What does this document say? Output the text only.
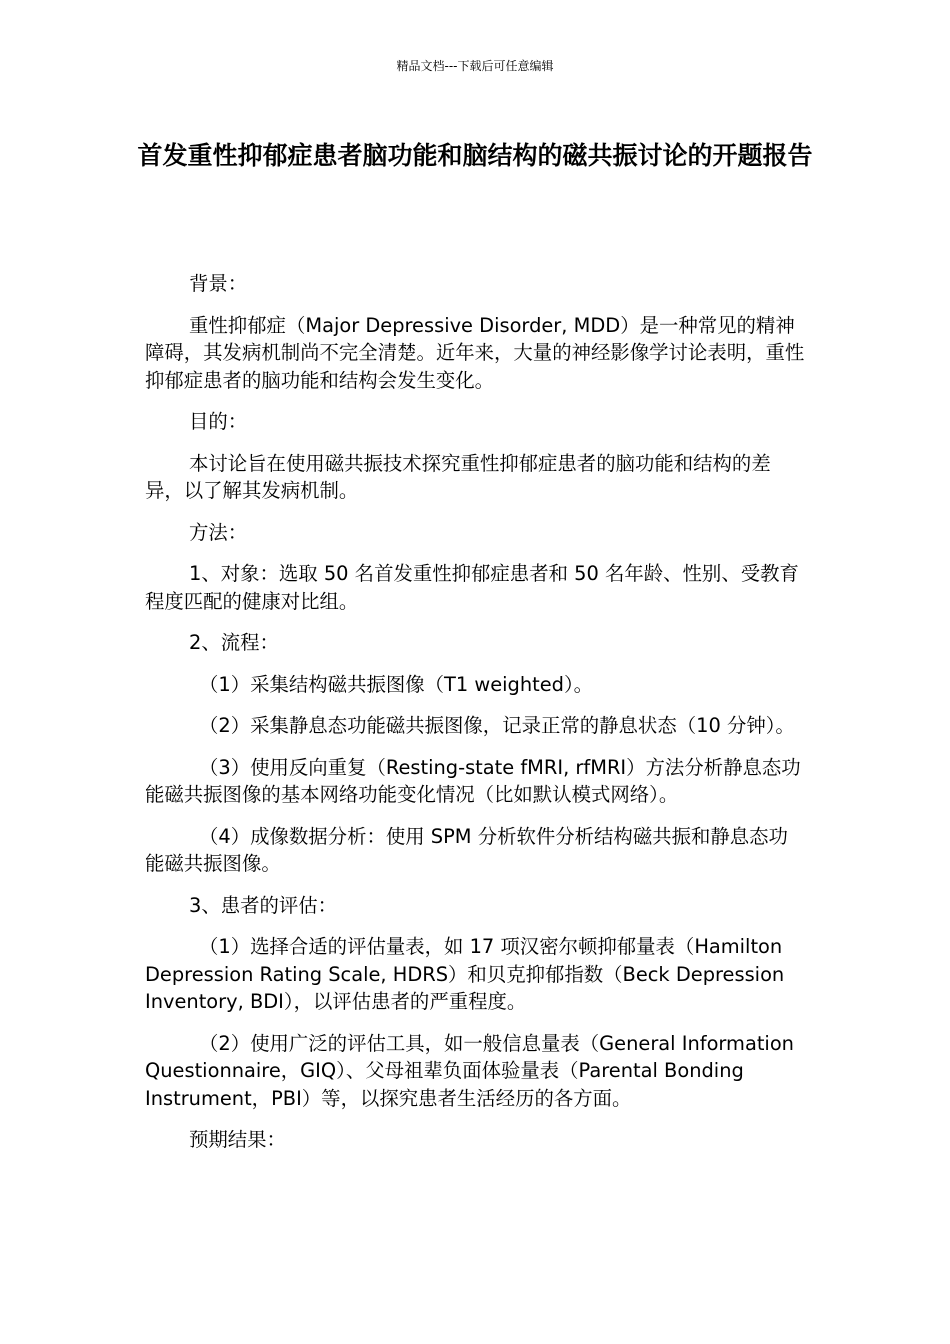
精品文档---下载后可任意编辑
首发重性抑郁症患者脑功能和脑结构的磁共振讨论的开题报告

背景：

重性抑郁症（Major Depressive Disorder, MDD）是一种常见的精神障碍，其发病机制尚不完全清楚。近年来，大量的神经影像学讨论表明，重性抑郁症患者的脑功能和结构会发生变化。

目的：

本讨论旨在使用磁共振技术探究重性抑郁症患者的脑功能和结构的差异，以了解其发病机制。

方法：

1、对象：选取 50 名首发重性抑郁症患者和 50 名年龄、性别、受教育程度匹配的健康对比组。

2、流程：

（1）采集结构磁共振图像（T1 weighted）。

（2）采集静息态功能磁共振图像，记录正常的静息状态（10 分钟）。

（3）使用反向重复（Resting-state fMRI, rfMRI）方法分析静息态功能磁共振图像的基本网络功能变化情况（比如默认模式网络）。

（4）成像数据分析：使用 SPM 分析软件分析结构磁共振和静息态功能磁共振图像。

3、患者的评估：

（1）选择合适的评估量表，如 17 项汉密尔顿抑郁量表（Hamilton Depression Rating Scale, HDRS）和贝克抑郁指数（Beck Depression Inventory, BDI），以评估患者的严重程度。

（2）使用广泛的评估工具，如一般信息量表（General Information Questionnaire，GIQ）、父母祖辈负面体验量表（Parental Bonding Instrument，PBI）等，以探究患者生活经历的各方面。

预期结果：
